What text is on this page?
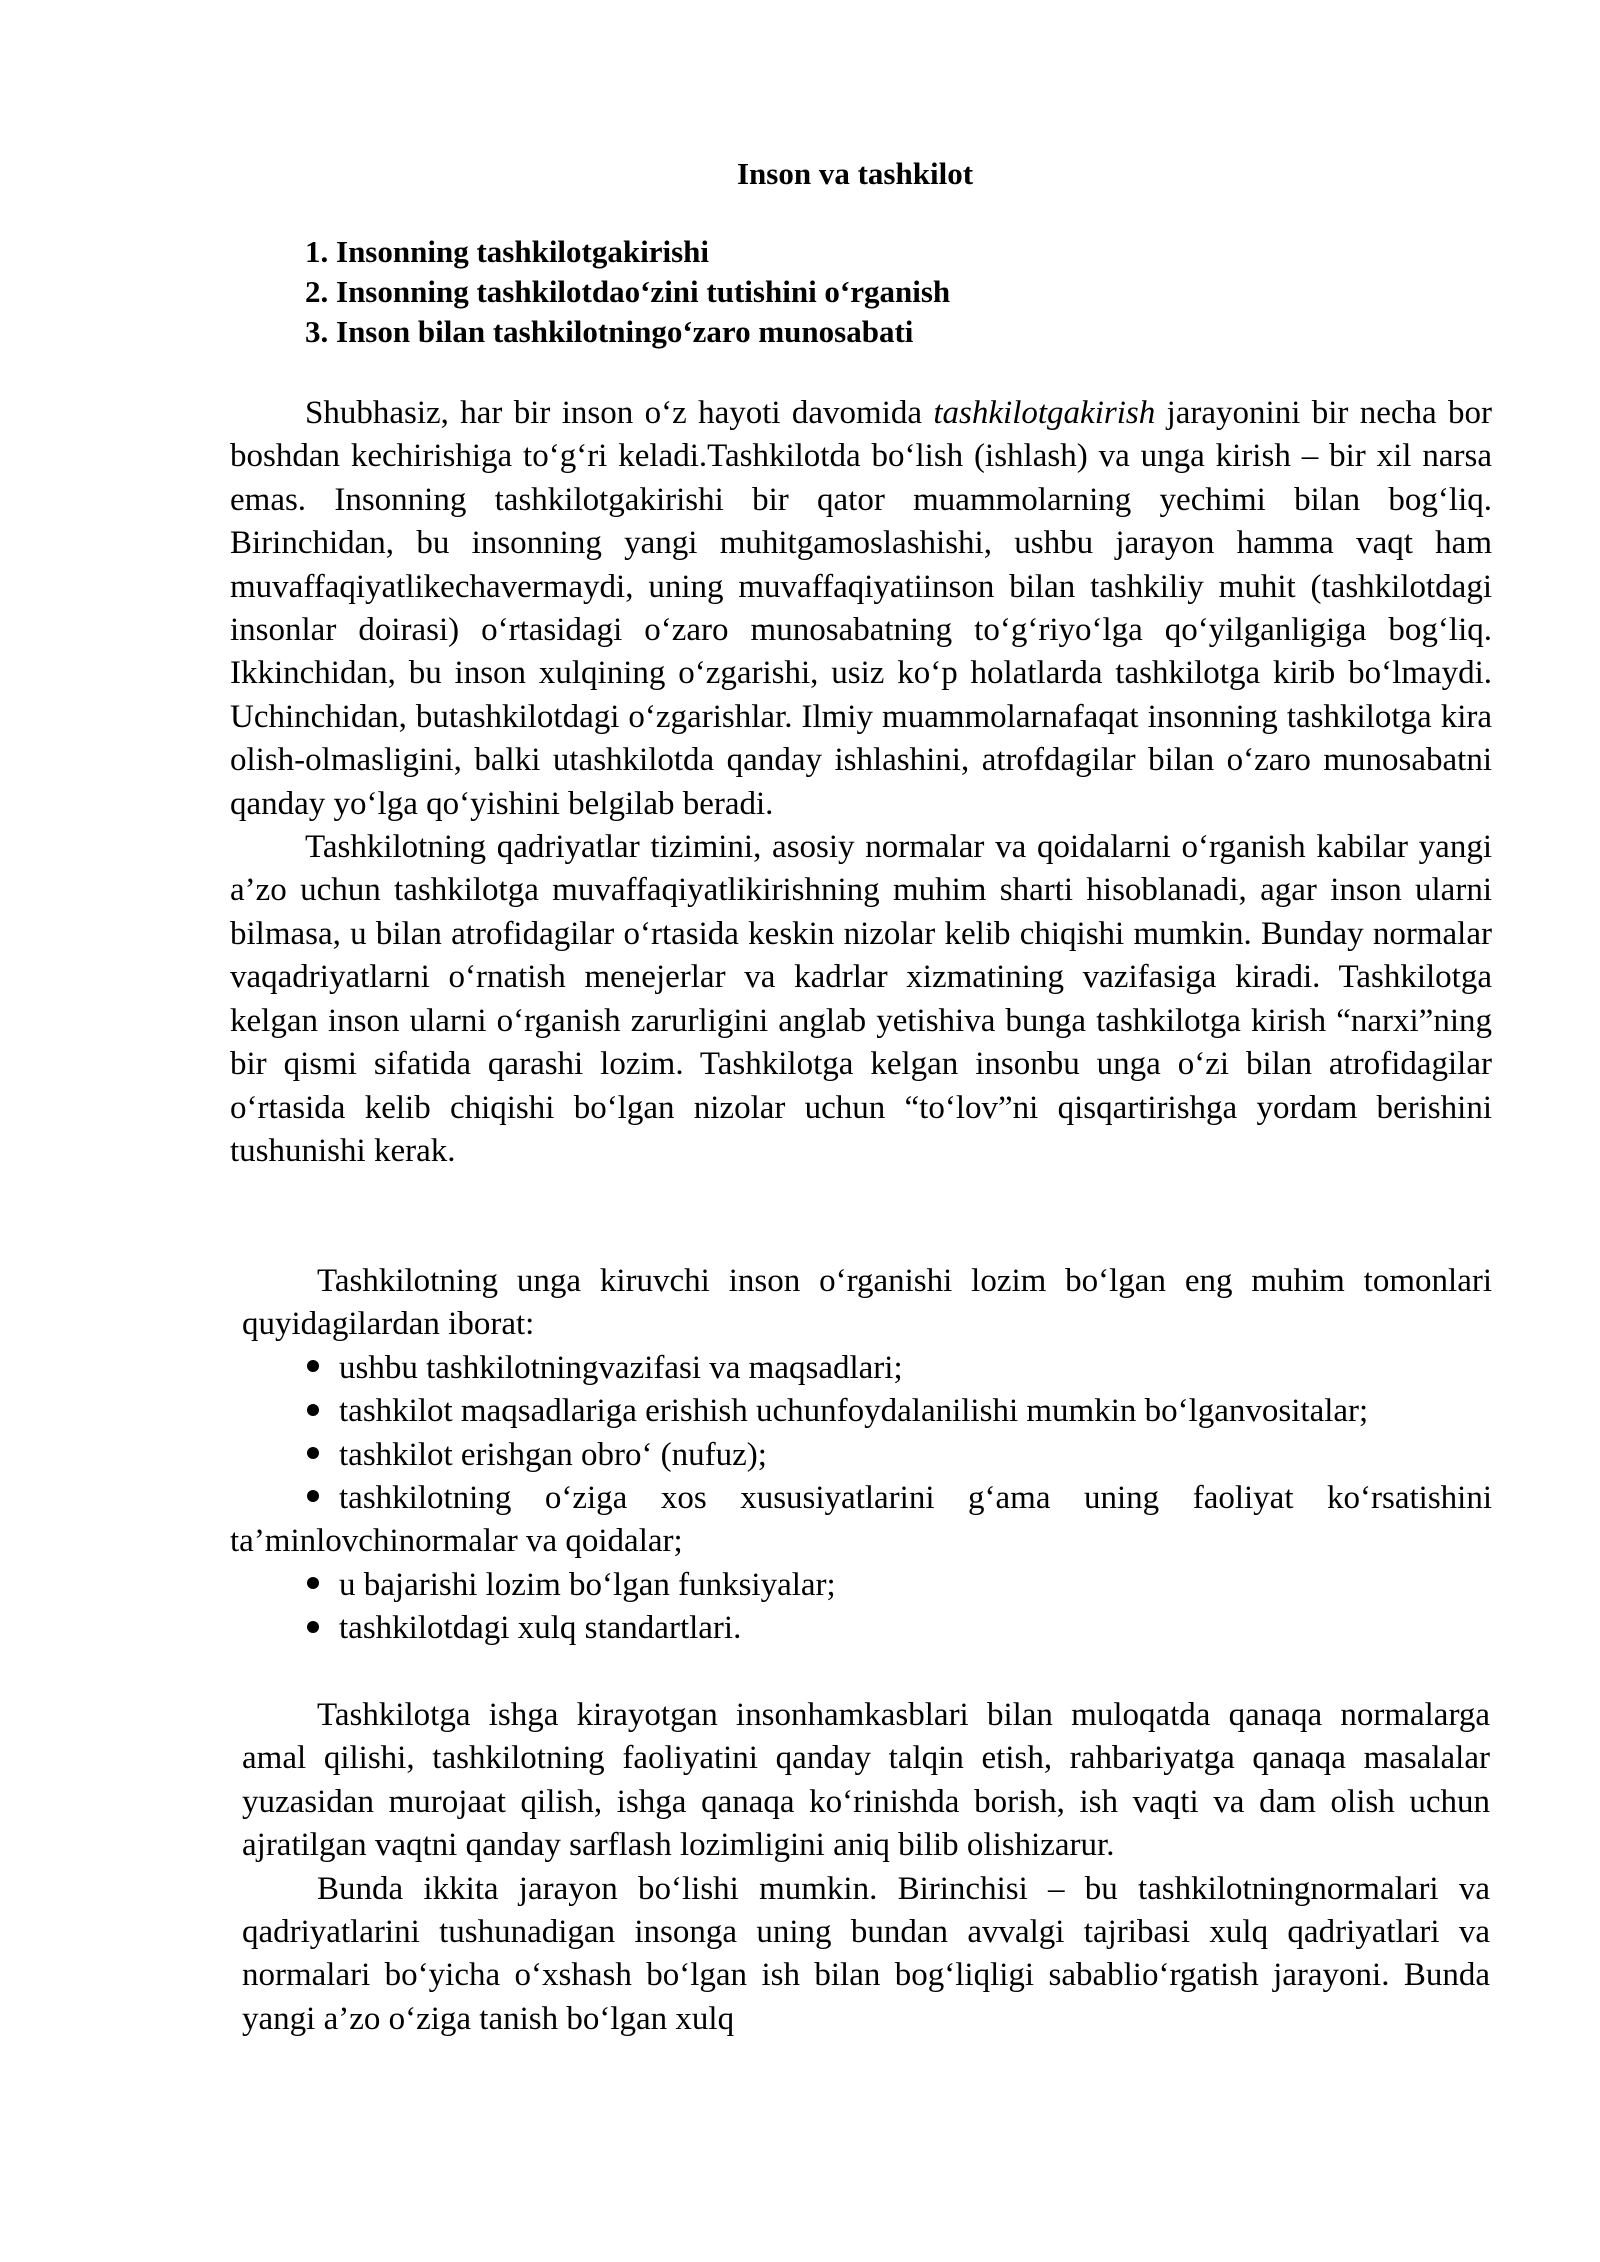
Inson va tashkilot
1. Insonning tashkilotgakirishi
2. Insonning tashkilotdao‘zini tutishini o‘rganish
3. Inson bilan tashkilotningo‘zaro munosabati

Shubhasiz, har bir inson o‘z hayoti davomida tashkilotgakirish jarayonini bir necha bor boshdan kechirishiga to‘g‘ri keladi.Tashkilotda bo‘lish (ishlash) va unga kirish – bir xil narsa emas. Insonning tashkilotgakirishi bir qator muammolarning yechimi bilan bog‘liq. Birinchidan, bu insonning yangi muhitgamoslashishi, ushbu jarayon hamma vaqt ham muvaffaqiyatlikechavermaydi, uning muvaffaqiyatiinson bilan tashkiliy muhit (tashkilotdagi insonlar doirasi) o‘rtasidagi o‘zaro munosabatning to‘g‘riyo‘lga qo‘yilganligiga bog‘liq. Ikkinchidan, bu inson xulqining o‘zgarishi, usiz ko‘p holatlarda tashkilotga kirib bo‘lmaydi. Uchinchidan, butashkilotdagi o‘zgarishlar. Ilmiy muammolarnafaqat insonning tashkilotga kira olish-olmasligini, balki utashkilotda qanday ishlashini, atrofdagilar bilan o‘zaro munosabatni qanday yo‘lga qo‘yishini belgilab beradi.

Tashkilotning qadriyatlar tizimini, asosiy normalar va qoidalarni o‘rganish kabilar yangi a’zo uchun tashkilotga muvaffaqiyatlikirishning muhim sharti hisoblanadi, agar inson ularni bilmasa, u bilan atrofidagilar o‘rtasida keskin nizolar kelib chiqishi mumkin. Bunday normalar vaqadriyatlarni o‘rnatish menejerlar va kadrlar xizmatining vazifasiga kiradi. Tashkilotga kelgan inson ularni o‘rganish zarurligini anglab yetishiva bunga tashkilotga kirish “narxi”ning bir qismi sifatida qarashi lozim. Tashkilotga kelgan insonbu unga o‘zi bilan atrofidagilar o‘rtasida kelib chiqishi bo‘lgan nizolar uchun “to‘lov”ni qisqartirishga yordam berishini tushunishi kerak.

Tashkilotning unga kiruvchi inson o‘rganishi lozim bo‘lgan eng muhim tomonlari quyidagilardan iborat:

ushbu tashkilotningvazifasi va maqsadlari;
tashkilot maqsadlariga erishish uchunfoydalanilishi mumkin bo‘lganvositalar;
tashkilot erishgan obro‘ (nufuz);
tashkilotning o‘ziga xos xususiyatlarini g‘ama uning faoliyat ko‘rsatishini ta’minlovchinormalar va qoidalar;
u bajarishi lozim bo‘lgan funksiyalar;
tashkilotdagi xulq standartlari.

Tashkilotga ishga kirayotgan insonhamkasblari bilan muloqatda qanaqa normalarga amal qilishi, tashkilotning faoliyatini qanday talqin etish, rahbariyatga qanaqa masalalar yuzasidan murojaat qilish, ishga qanaqa ko‘rinishda borish, ish vaqti va dam olish uchun ajratilgan vaqtni qanday sarflash lozimligini aniq bilib olishizarur.

Bunda ikkita jarayon bo‘lishi mumkin. Birinchisi – bu tashkilotningnormalari va qadriyatlarini tushunadigan insonga uning bundan avvalgi tajribasi xulq qadriyatlari va normalari bo‘yicha o‘xshash bo‘lgan ish bilan bog‘liqligi sababliо‘rgatish jarayoni. Bunda yangi a’zo o‘ziga tanish bo‘lgan xulq
